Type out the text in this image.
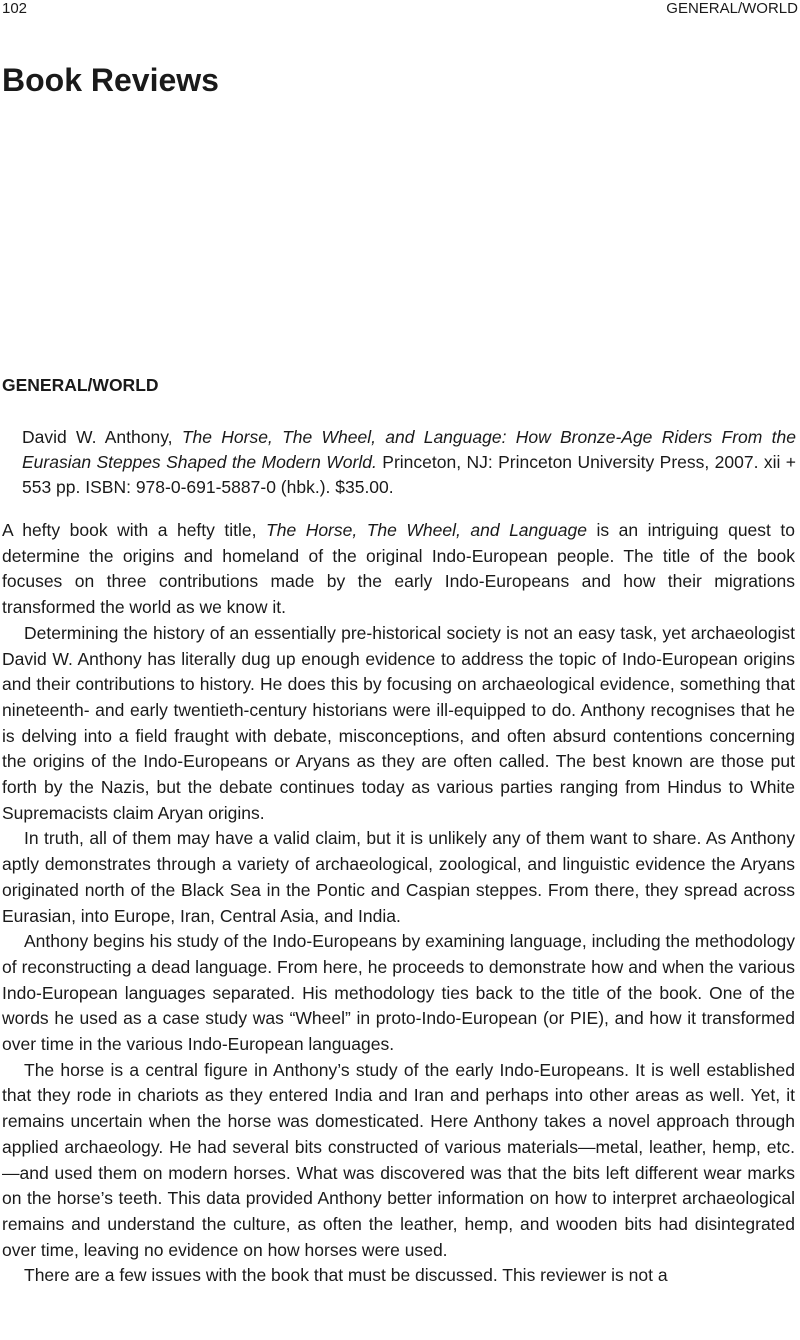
102	GENERAL/WORLD
Book Reviews
GENERAL/WORLD

David W. Anthony, The Horse, The Wheel, and Language: How Bronze-Age Riders From the Eurasian Steppes Shaped the Modern World. Princeton, NJ: Princeton University Press, 2007. xii + 553 pp. ISBN: 978-0-691-5887-0 (hbk.). $35.00.

A hefty book with a hefty title, The Horse, The Wheel, and Language is an intriguing quest to determine the origins and homeland of the original Indo-European people. The title of the book focuses on three contributions made by the early Indo-Europeans and how their migrations transformed the world as we know it.

Determining the history of an essentially pre-historical society is not an easy task, yet archaeologist David W. Anthony has literally dug up enough evidence to address the topic of Indo-European origins and their contributions to history. He does this by focusing on archaeological evidence, something that nineteenth- and early twentieth-century historians were ill-equipped to do. Anthony recognises that he is delving into a field fraught with debate, misconceptions, and often absurd contentions concerning the origins of the Indo-Europeans or Aryans as they are often called. The best known are those put forth by the Nazis, but the debate continues today as various parties ranging from Hindus to White Supremacists claim Aryan origins.

In truth, all of them may have a valid claim, but it is unlikely any of them want to share. As Anthony aptly demonstrates through a variety of archaeological, zoological, and linguistic evidence the Aryans originated north of the Black Sea in the Pontic and Caspian steppes. From there, they spread across Eurasian, into Europe, Iran, Central Asia, and India.

Anthony begins his study of the Indo-Europeans by examining language, including the methodology of reconstructing a dead language. From here, he proceeds to demonstrate how and when the various Indo-European languages separated. His methodology ties back to the title of the book. One of the words he used as a case study was “Wheel” in proto-Indo-European (or PIE), and how it transformed over time in the various Indo-European languages.

The horse is a central figure in Anthony’s study of the early Indo-Europeans. It is well established that they rode in chariots as they entered India and Iran and perhaps into other areas as well. Yet, it remains uncertain when the horse was domesticated. Here Anthony takes a novel approach through applied archaeology. He had several bits constructed of various materials—metal, leather, hemp, etc.—and used them on modern horses. What was discovered was that the bits left different wear marks on the horse’s teeth. This data provided Anthony better information on how to interpret archaeological remains and understand the culture, as often the leather, hemp, and wooden bits had disintegrated over time, leaving no evidence on how horses were used.

There are a few issues with the book that must be discussed. This reviewer is not a
